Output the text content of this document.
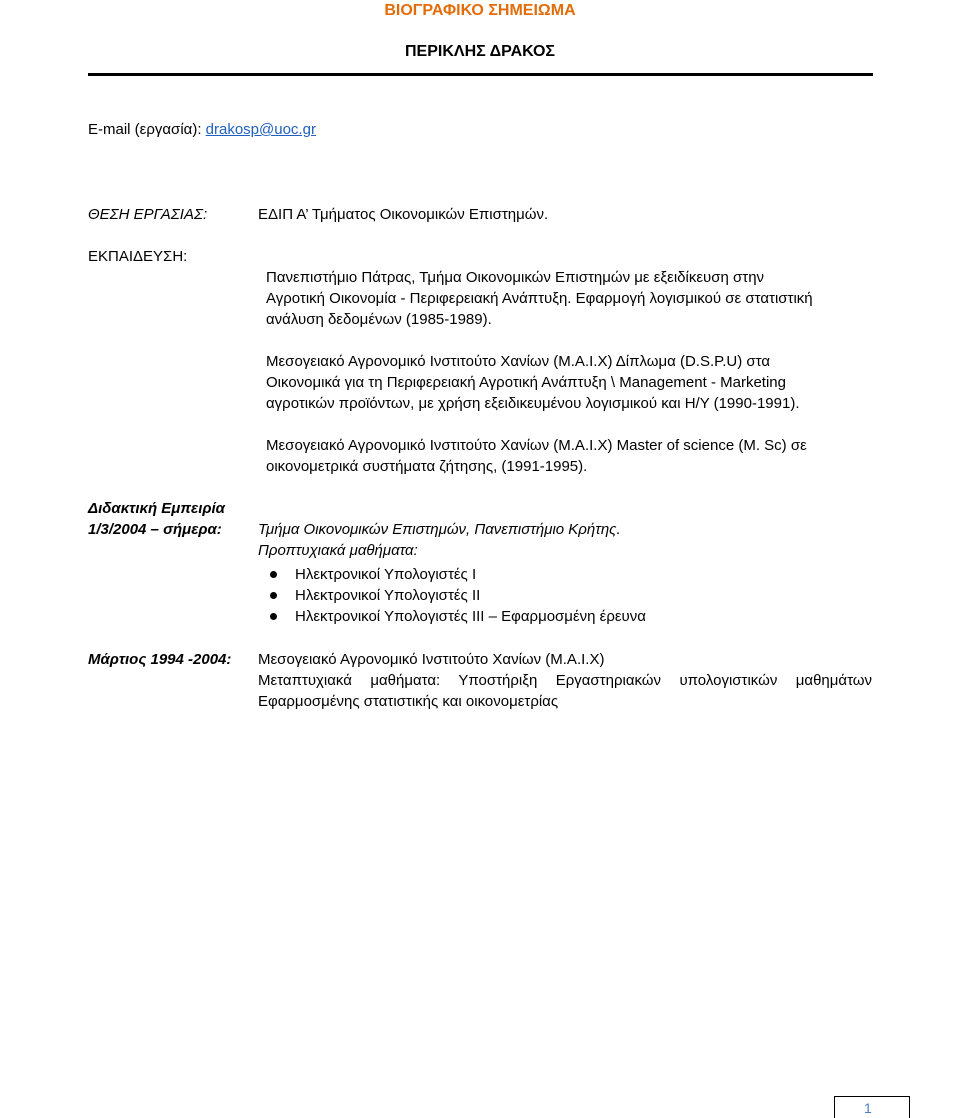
ΒΙΟΓΡΑΦΙΚΟ ΣΗΜΕΙΩΜΑ
ΠΕΡΙΚΛΗΣ ΔΡΑΚΟΣ
E-mail (εργασία): drakosp@uoc.gr
ΘΕΣΗ ΕΡΓΑΣΙΑΣ:	ΕΔΙΠ Α’ Τμήματος Οικονομικών Επιστημών.
ΕΚΠΑΙΔΕΥΣΗ:
Πανεπιστήμιο Πάτρας, Τμήμα Οικονομικών Επιστημών με εξειδίκευση στην
Αγροτική Οικονομία - Περιφερειακή Ανάπτυξη. Εφαρμογή λογισμικού σε στατιστική
ανάλυση δεδομένων (1985-1989).
Μεσογειακό Αγρονομικό Ινστιτούτο Χανίων (Μ.Α.Ι.Χ) Δίπλωμα (D.S.P.U) στα
Οικονομικά για τη Περιφερειακή Αγροτική Ανάπτυξη \ Management - Marketing
αγροτικών προϊόντων, με χρήση εξειδικευμένου λογισμικού και Η/Υ (1990-1991).
Μεσογειακό Αγρονομικό Ινστιτούτο Χανίων (Μ.Α.Ι.Χ) Master of science (M. Sc) σε
οικονομετρικά συστήματα ζήτησης, (1991-1995).
Διδακτική Εμπειρία
1/3/2004 – σήμερα: Τμήμα Οικονομικών Επιστημών, Πανεπιστήμιο Κρήτης.
Προπτυχιακά μαθήματα:
Ηλεκτρονικοί Υπολογιστές Ι
Ηλεκτρονικοί Υπολογιστές ΙΙ
Ηλεκτρονικοί Υπολογιστές ΙΙΙ – Εφαρμοσμένη έρευνα
Μάρτιος 1994 -2004: Μεσογειακό Αγρονομικό Ινστιτούτο Χανίων (Μ.Α.Ι.Χ)
Μεταπτυχιακά μαθήματα: Υποστήριξη Εργαστηριακών υπολογιστικών μαθημάτων
Εφαρμοσμένης στατιστικής και οικονομετρίας
1
